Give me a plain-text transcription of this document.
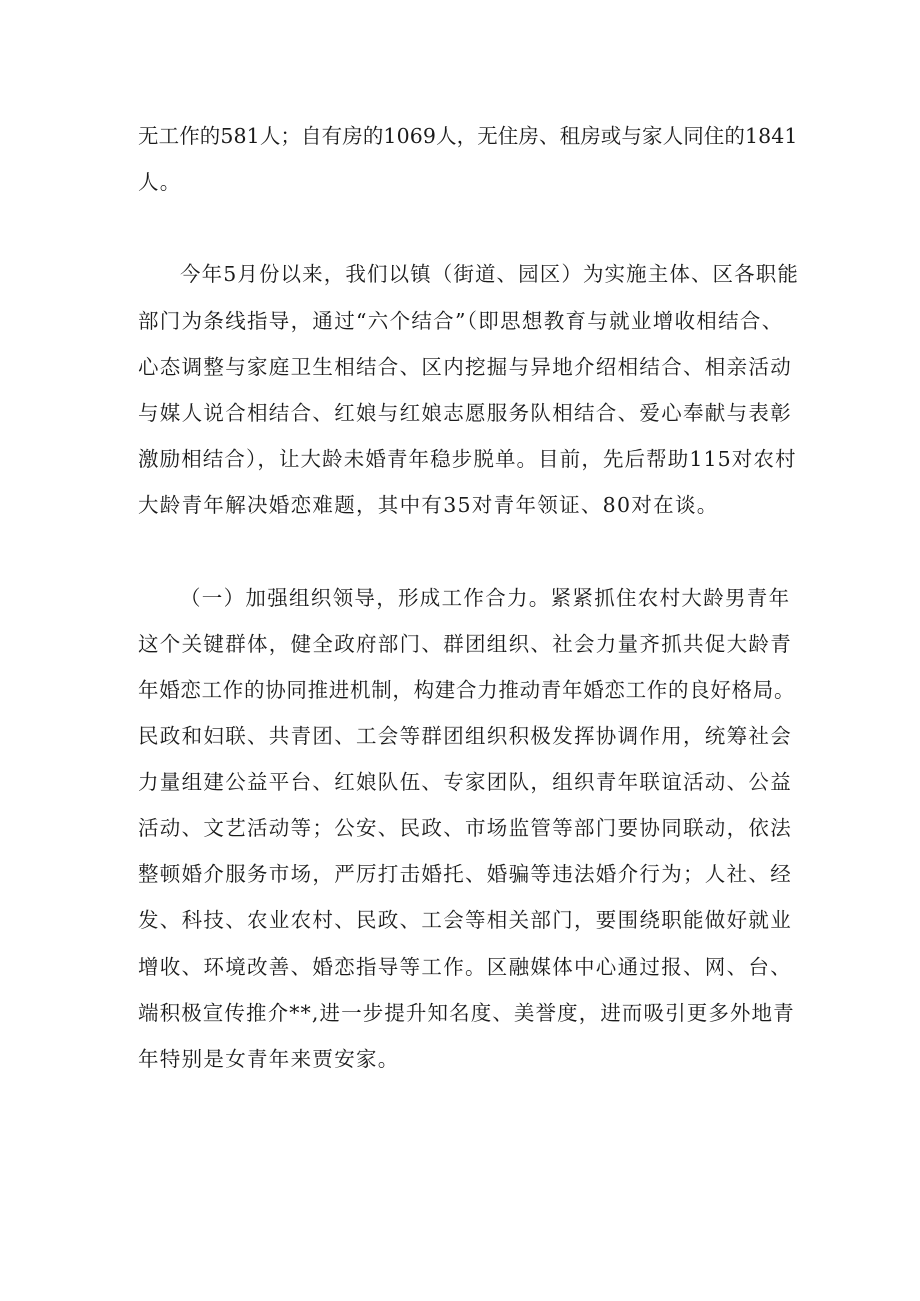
无工作的581人；自有房的1069人，无住房、租房或与家人同住的1841

人。

今年5月份以来，我们以镇（街道、园区）为实施主体、区各职能

部门为条线指导，通过“六个结合”（即思想教育与就业增收相结合、

心态调整与家庭卫生相结合、区内挖掘与异地介绍相结合、相亲活动

与媒人说合相结合、红娘与红娘志愿服务队相结合、爱心奉献与表彰

激励相结合），让大龄未婚青年稳步脱单。目前，先后帮助115对农村

大龄青年解决婚恋难题，其中有35对青年领证、80对在谈。

（一）加强组织领导，形成工作合力。紧紧抓住农村大龄男青年

这个关键群体，健全政府部门、群团组织、社会力量齐抓共促大龄青

年婚恋工作的协同推进机制，构建合力推动青年婚恋工作的良好格局。

民政和妇联、共青团、工会等群团组织积极发挥协调作用，统筹社会

力量组建公益平台、红娘队伍、专家团队，组织青年联谊活动、公益

活动、文艺活动等；公安、民政、市场监管等部门要协同联动，依法

整顿婚介服务市场，严厉打击婚托、婚骗等违法婚介行为；人社、经

发、科技、农业农村、民政、工会等相关部门，要围绕职能做好就业

增收、环境改善、婚恋指导等工作。区融媒体中心通过报、网、台、

端积极宣传推介**,进一步提升知名度、美誉度，进而吸引更多外地青

年特别是女青年来贾安家。
